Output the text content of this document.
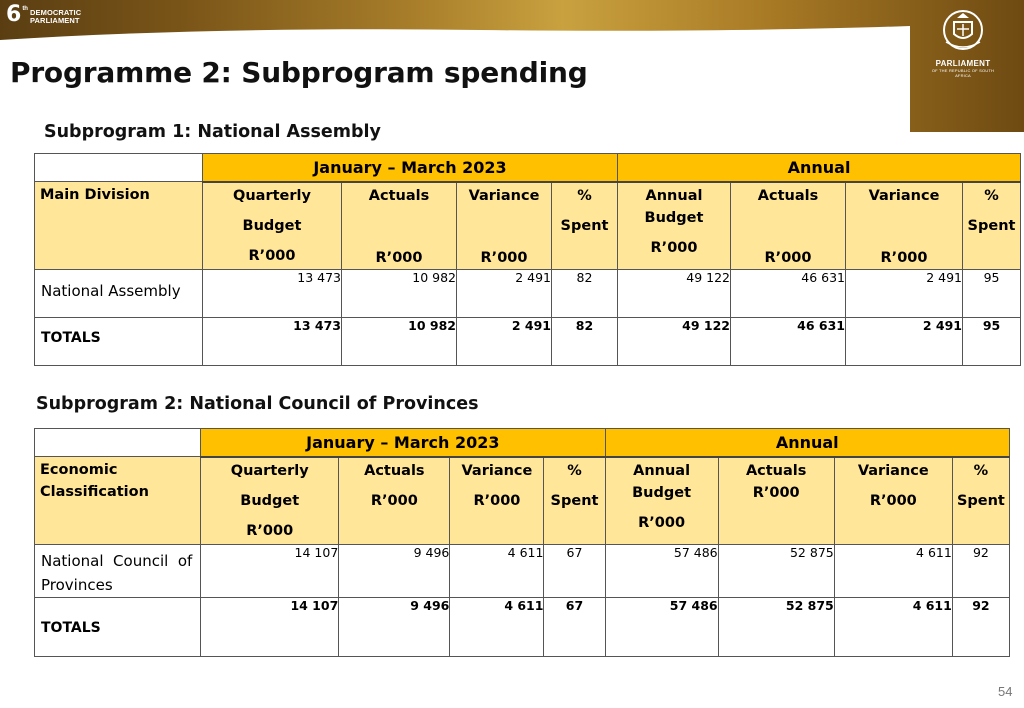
6 th DEMOCRATIC
PARLIAMENT
PARLIAMENT
OF THE REPUBLIC OF SOUTH AFRICA
Programme 2: Subprogram spending
Subprogram 1: National Assembly
	January – March 2023				Annual			
Main Division	Quarterly
Budget
R’000	Actuals
R’000	Variance
R’000	%
Spent	Annual
Budget
R’000	Actuals
R’000	Variance
R’000	%
Spent

National Assembly	13 473	10 982	2 491	82	49 122	46 631	2 491	95
TOTALS	13 473	10 982	2 491	82	49 122	46 631	2 491	95
Subprogram 2: National Council of Provinces
	January – March 2023				Annual			

Economic
Classification	Quarterly
Budget
R’000	Actuals
R’000	Variance
R’000	%
Spent	Annual
Budget
R’000	Actuals
R’000	Variance
R’000	%
Spent

National  Council  of
Provinces	14 107	9 496	4 611	67	57 486	52 875	4 611	92
TOTALS	14 107	9 496	4 611	67	57 486	52 875	4 611	92
54
